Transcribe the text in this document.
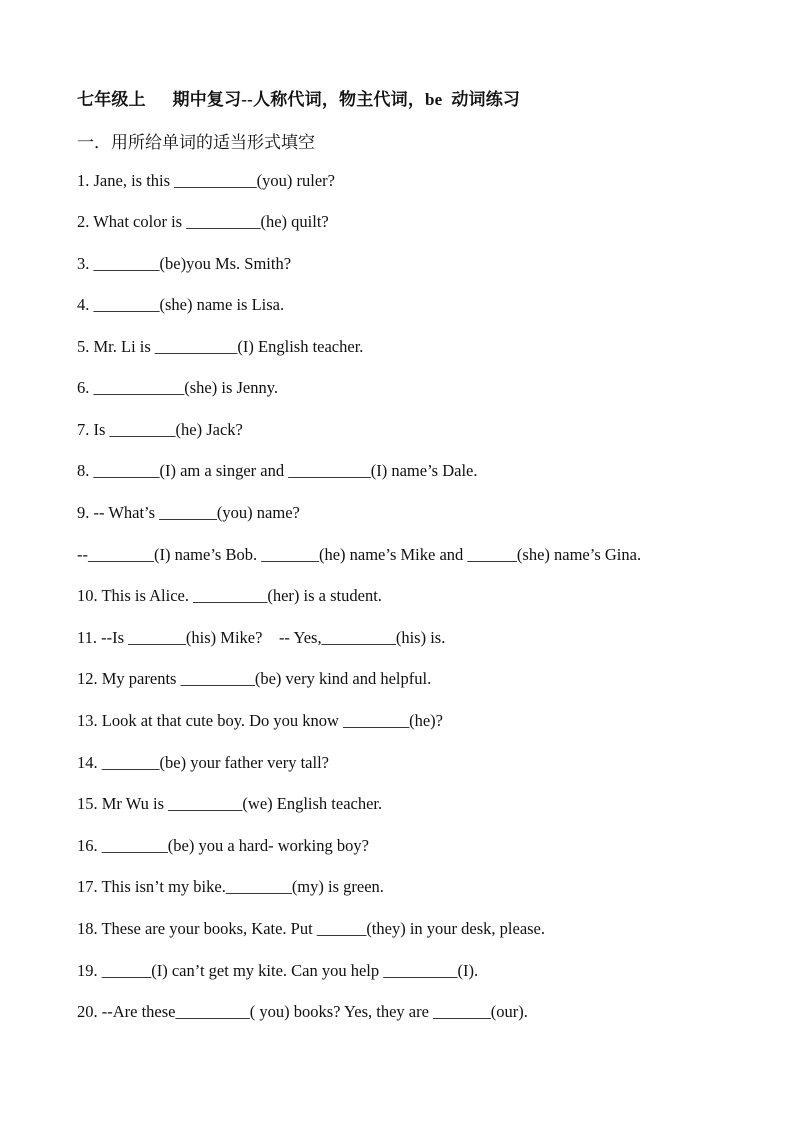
七年级上      期中复习--人称代词，物主代词，be  动词练习
一．用所给单词的适当形式填空
1. Jane, is this __________(you) ruler?
2. What color is _________(he) quilt?
3. ________(be)you Ms. Smith?
4. ________(she) name is Lisa.
5. Mr. Li is __________(I) English teacher.
6. ___________(she) is Jenny.
7. Is ________(he) Jack?
8. ________(I) am a singer and __________(I) name’s Dale.
9. -- What’s _______(you) name?
--________(I) name’s Bob. _______(he) name’s Mike and ______(she) name’s Gina.
10. This is Alice. _________(her) is a student.
11. --Is _______(his) Mike?    -- Yes,_________(his) is.
12. My parents _________(be) very kind and helpful.
13. Look at that cute boy. Do you know ________(he)?
14. _______(be) your father very tall?
15. Mr Wu is _________(we) English teacher.
16. ________(be) you a hard- working boy?
17. This isn’t my bike.________(my) is green.
18. These are your books, Kate. Put ______(they) in your desk, please.
19. ______(I) can’t get my kite. Can you help _________(I).
20. --Are these_________( you) books? Yes, they are _______(our).
